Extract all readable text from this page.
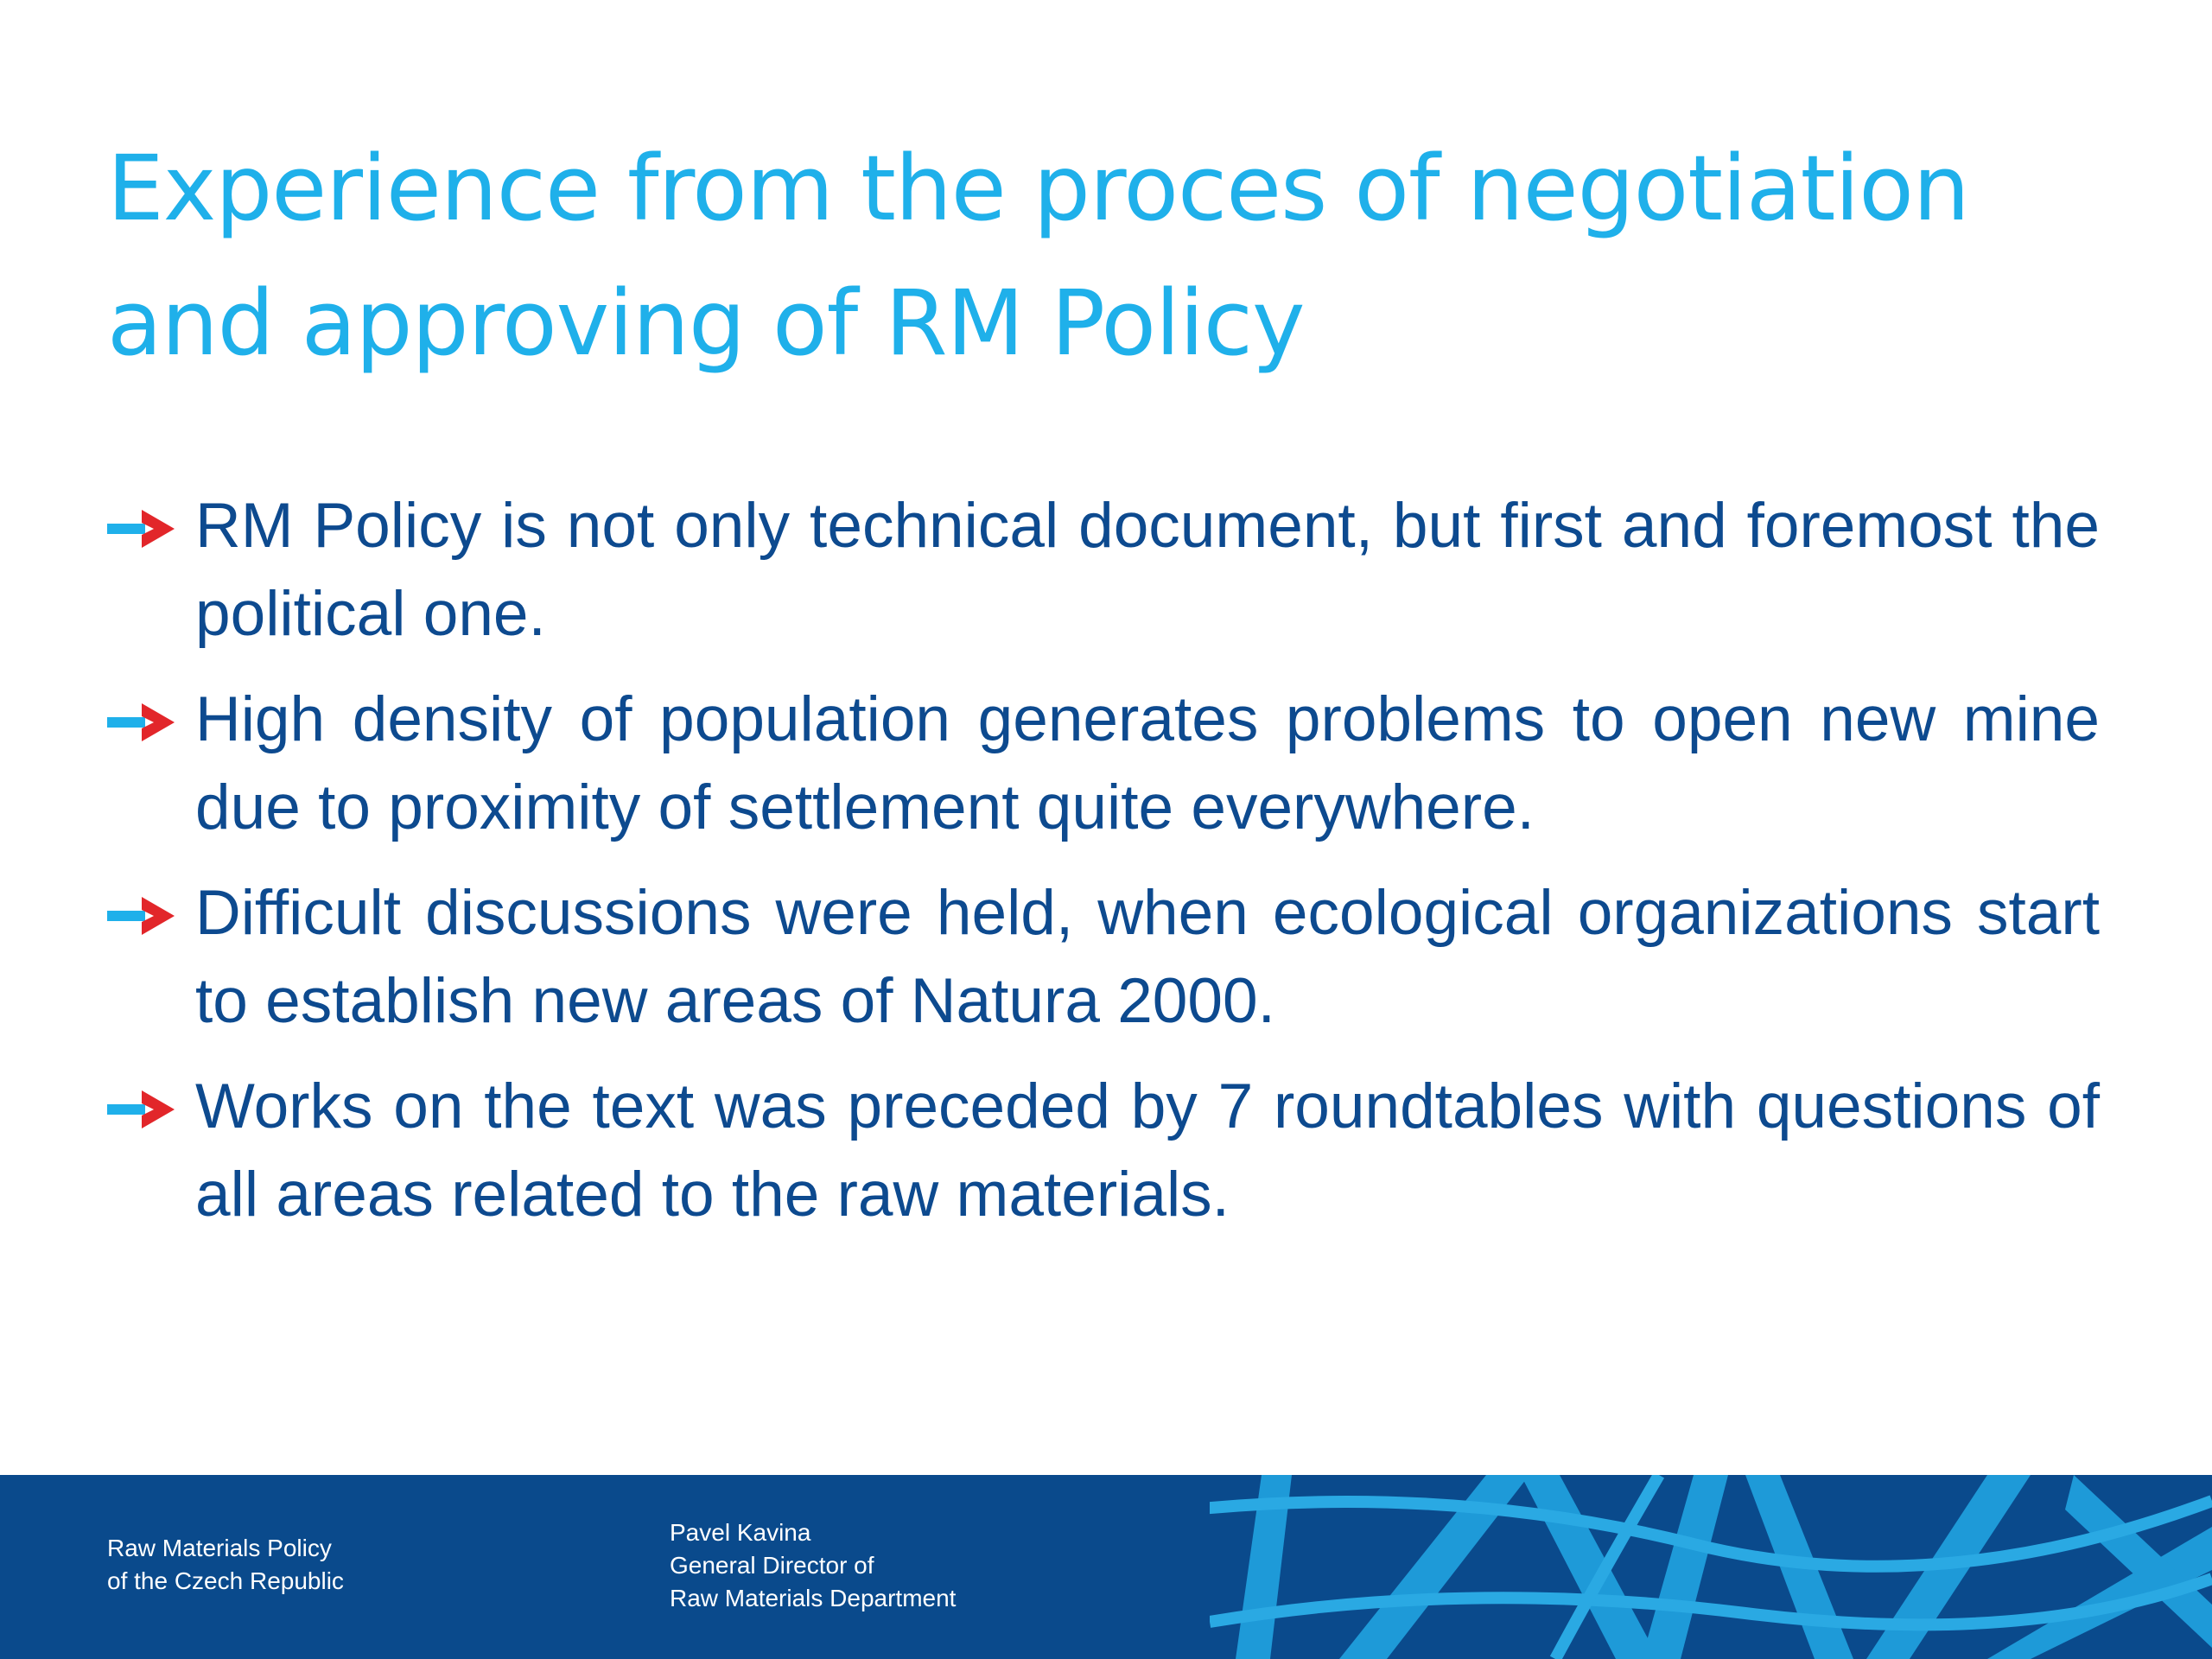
Experience from the proces of negotiation and approving of RM Policy
RM Policy is not only technical document, but first and foremost the political one.
High density of population generates problems to open new mine due to proximity of settlement quite everywhere.
Difficult discussions were held, when ecological organizations start to establish new areas of Natura 2000.
Works on the text was preceded by 7 roundtables with questions of all areas related to the raw materials.
Raw Materials Policy
of the Czech Republic
Pavel Kavina
General Director of
Raw Materials Department
